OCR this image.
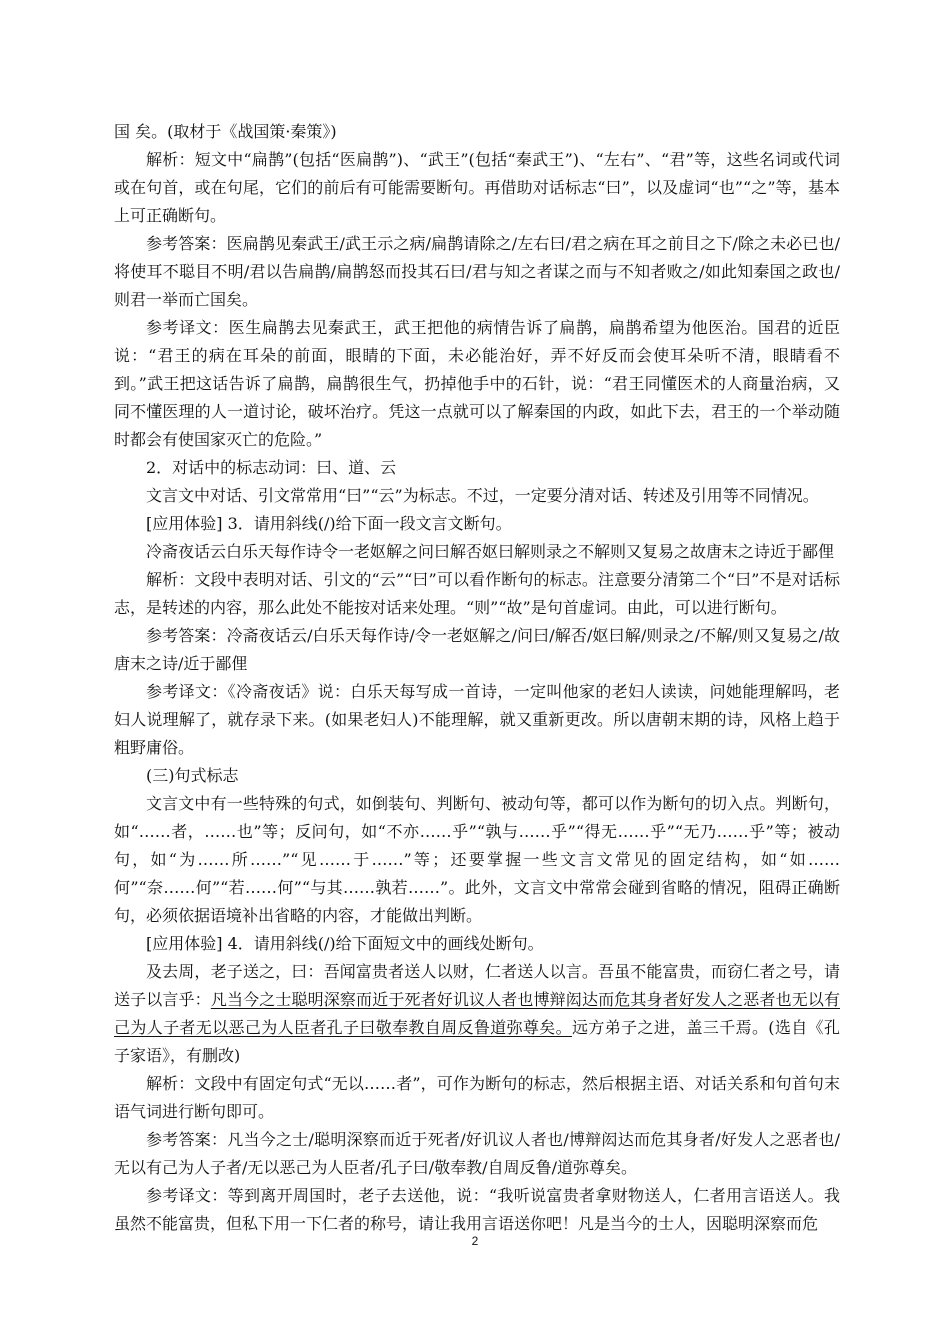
国 矣。(取材于《战国策·秦策》)

解析：短文中“扁鹊”(包括“医扁鹊”)、“武王”(包括“秦武王”)、“左右”、“君”等，这些名词或代词或在句首，或在句尾，它们的前后有可能需要断句。再借助对话标志“曰”，以及虚词“也”“之”等，基本上可正确断句。

参考答案：医扁鹊见秦武王/武王示之病/扁鹊请除之/左右曰/君之病在耳之前目之下/除之未必已也/将使耳不聪目不明/君以告扁鹊/扁鹊怒而投其石曰/君与知之者谋之而与不知者败之/如此知秦国之政也/则君一举而亡国矣。

参考译文：医生扁鹊去见秦武王，武王把他的病情告诉了扁鹊，扁鹊希望为他医治。国君的近臣说：“君王的病在耳朵的前面，眼睛的下面，未必能治好，弄不好反而会使耳朵听不清，眼睛看不到。”武王把这话告诉了扁鹊，扁鹊很生气，扔掉他手中的石针，说：“君王同懂医术的人商量治病，又同不懂医理的人一道讨论，破坏治疗。凭这一点就可以了解秦国的内政，如此下去，君王的一个举动随时都会有使国家灭亡的危险。”

2．对话中的标志动词：曰、道、云

文言文中对话、引文常常用“曰”“云”为标志。不过，一定要分清对话、转述及引用等不同情况。

[应用体验] 3．请用斜线(/)给下面一段文言文断句。

冷斋夜话云白乐天每作诗令一老妪解之问曰解否妪曰解则录之不解则又复易之故唐末之诗近于鄙俚

解析：文段中表明对话、引文的“云”“曰”可以看作断句的标志。注意要分清第二个“曰”不是对话标志，是转述的内容，那么此处不能按对话来处理。“则”“故”是句首虚词。由此，可以进行断句。

参考答案：冷斋夜话云/白乐天每作诗/令一老妪解之/问曰/解否/妪曰解/则录之/不解/则又复易之/故唐末之诗/近于鄙俚

参考译文：《冷斋夜话》说：白乐天每写成一首诗，一定叫他家的老妇人读读，问她能理解吗，老妇人说理解了，就存录下来。(如果老妇人)不能理解，就又重新更改。所以唐朝末期的诗，风格上趋于粗野庸俗。

(三)句式标志

文言文中有一些特殊的句式，如倒装句、判断句、被动句等，都可以作为断句的切入点。判断句，如“……者，……也”等；反问句，如“不亦……乎”“孰与……乎”“得无……乎”“无乃……乎”等；被动句，如“为……所……”“见……于……”等；还要掌握一些文言文常见的固定结构，如“如……何”“奈……何”“若……何”“与其……孰若……”。此外，文言文中常常会碰到省略的情况，阻碍正确断句，必须依据语境补出省略的内容，才能做出判断。

[应用体验] 4．请用斜线(/)给下面短文中的画线处断句。

及去周，老子送之，曰：吾闻富贵者送人以财，仁者送人以言。吾虽不能富贵，而窃仁者之号，请送子以言乎：凡当今之士聪明深察而近于死者好讥议人者也博辩闳达而危其身者好发人之恶者也无以有己为人子者无以恶己为人臣者孔子曰敬奉教自周反鲁道弥尊矣。远方弟子之进，盖三千焉。(选自《孔子家语》，有删改)

解析：文段中有固定句式“无以……者”，可作为断句的标志，然后根据主语、对话关系和句首句末语气词进行断句即可。

参考答案：凡当今之士/聪明深察而近于死者/好讥议人者也/博辩闳达而危其身者/好发人之恶者也/无以有己为人子者/无以恶己为人臣者/孔子曰/敬奉教/自周反鲁/道弥尊矣。

参考译文：等到离开周国时，老子去送他，说：“我听说富贵者拿财物送人，仁者用言语送人。我虽然不能富贵，但私下用一下仁者的称号，请让我用言语送你吧！凡是当今的士人，因聪明深察而危

2
